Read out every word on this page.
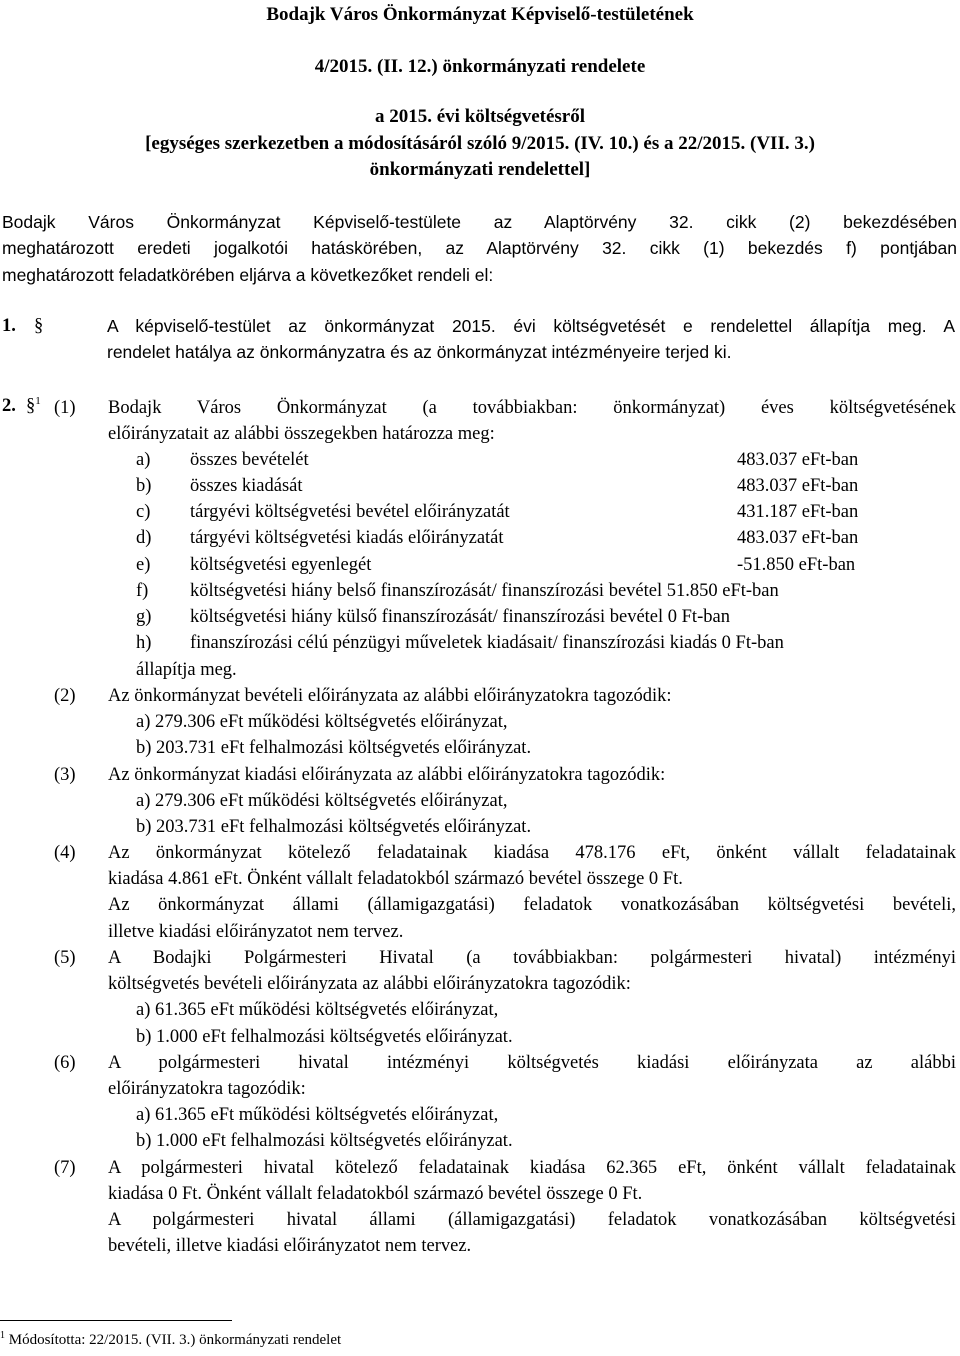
Bodajk Város Önkormányzat Képviselő-testületének
4/2015. (II. 12.) önkormányzati rendelete
a 2015. évi költségvetésről
[egységes szerkezetben a módosításáról szóló 9/2015. (IV. 10.) és a 22/2015. (VII. 3.)
önkormányzati rendelettel]
Bodajk Város Önkormányzat Képviselő-testülete az Alaptörvény 32. cikk (2) bekezdésében
meghatározott eredeti jogalkotói hatáskörében, az Alaptörvény 32. cikk (1) bekezdés f) pontjában
meghatározott feladatkörében eljárva a következőket rendeli el:
1. §	A képviselő-testület az önkormányzat 2015. évi költségvetését e rendelettel állapítja meg. A
rendelet hatálya az önkormányzatra és az önkormányzat intézményeire terjed ki.
2. §$^1$ (1) Bodajk Város Önkormányzat (a továbbiakban: önkormányzat) éves költségvetésének
előirányzatait az alábbi összegekben határozza meg:
a) összes bevételét	483.037 eFt-ban
b) összes kiadását	483.037 eFt-ban
c) tárgyévi költségvetési bevétel előirányzatát	431.187 eFt-ban
d) tárgyévi költségvetési kiadás előirányzatát	483.037 eFt-ban
e) költségvetési egyenlegét	-51.850 eFt-ban
f) költségvetési hiány belső finanszírozását/ finanszírozási bevétel 51.850 eFt-ban
g) költségvetési hiány külső finanszírozását/ finanszírozási bevétel 0 Ft-ban
h) finanszírozási célú pénzügyi műveletek kiadásait/ finanszírozási kiadás 0 Ft-ban
állapítja meg.
(2) Az önkormányzat bevételi előirányzata az alábbi előirányzatokra tagozódik:
a) 279.306 eFt működési költségvetés előirányzat,
b) 203.731 eFt felhalmozási költségvetés előirányzat.
(3) Az önkormányzat kiadási előirányzata az alábbi előirányzatokra tagozódik:
a) 279.306 eFt működési költségvetés előirányzat,
b) 203.731 eFt felhalmozási költségvetés előirányzat.
(4) Az önkormányzat kötelező feladatainak kiadása 478.176 eFt, önként vállalt feladatainak
kiadása 4.861 eFt. Önként vállalt feladatokból származó bevétel összege 0 Ft.
Az önkormányzat állami (államigazgatási) feladatok vonatkozásában költségvetési bevételi,
illetve kiadási előirányzatot nem tervez.
(5) A Bodajki Polgármesteri Hivatal (a továbbiakban: polgármesteri hivatal) intézményi
költségvetés bevételi előirányzata az alábbi előirányzatokra tagozódik:
a) 61.365 eFt működési költségvetés előirányzat,
b) 1.000 eFt felhalmozási költségvetés előirányzat.
(6) A polgármesteri hivatal intézményi költségvetés kiadási előirányzata az alábbi
előirányzatokra tagozódik:
a) 61.365 eFt működési költségvetés előirányzat,
b) 1.000 eFt felhalmozási költségvetés előirányzat.
(7) A polgármesteri hivatal kötelező feladatainak kiadása 62.365 eFt, önként vállalt feladatainak
kiadása 0 Ft. Önként vállalt feladatokból származó bevétel összege 0 Ft.
A polgármesteri hivatal állami (államigazgatási) feladatok vonatkozásában költségvetési
bevételi, illetve kiadási előirányzatot nem tervez.
$^1$ Módosította: 22/2015. (VII. 3.) önkormányzati rendelet
